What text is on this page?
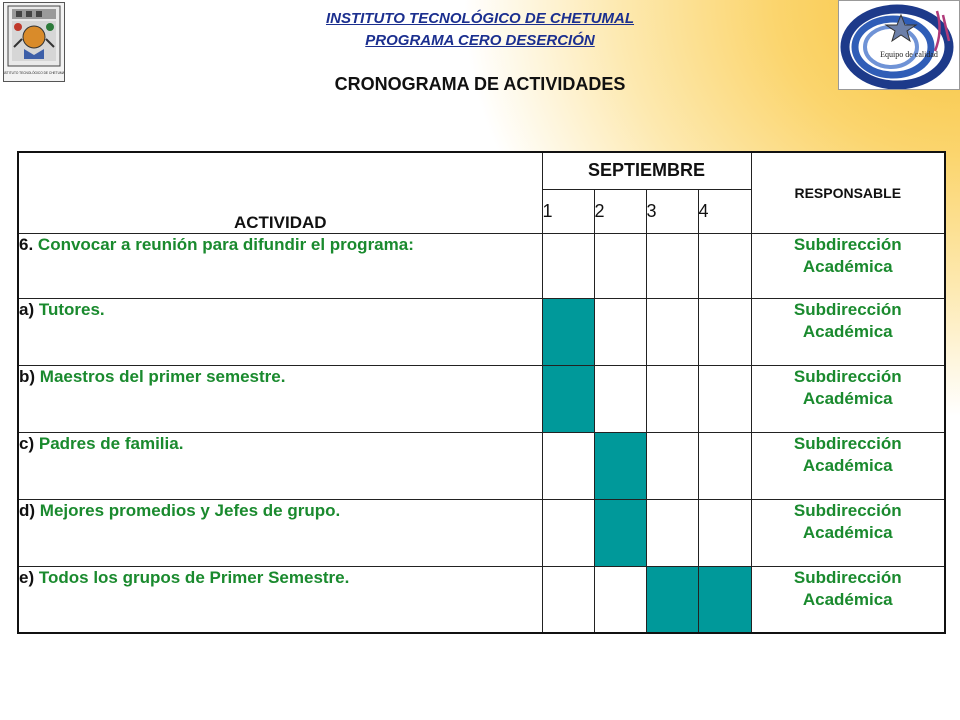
INSTITUTO TECNOLÓGICO DE CHETUMAL
INSTITUTO TECNOLÓGICO DE CHETUMAL
PROGRAMA CERO DESERCIÓN
CRONOGRAMA DE ACTIVIDADES
Equipo de calidad
ACTIVIDAD	SEPTIEMBRE				RESPONSABLE
	1	2	3	4	
6. Convocar a reunión para difundir el programa:					Subdirección Académica
a) Tutores.					Subdirección Académica
b) Maestros del primer semestre.					Subdirección Académica
c) Padres de familia.					Subdirección Académica
d) Mejores promedios y Jefes de grupo.					Subdirección Académica
e) Todos los grupos de Primer Semestre.					Subdirección Académica
